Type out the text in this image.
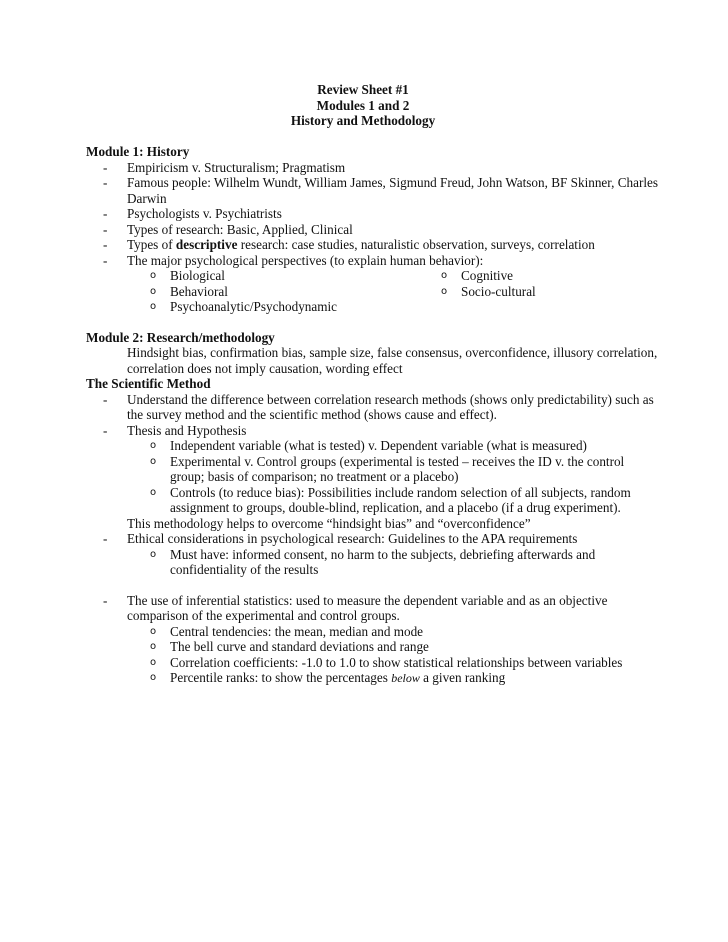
Review Sheet #1
Modules 1 and 2
History and Methodology
Module 1: History
- Empiricism v. Structuralism; Pragmatism
- Famous people: Wilhelm Wundt, William James, Sigmund Freud, John Watson, BF Skinner, Charles
Darwin
- Psychologists v. Psychiatrists
- Types of research: Basic, Applied, Clinical
- Types of descriptive research: case studies, naturalistic observation, surveys, correlation
- The major psychological perspectives (to explain human behavior):
o Biological	o Cognitive
o Behavioral	o Socio-cultural
o Psychoanalytic/Psychodynamic
Module 2: Research/methodology
Hindsight bias, confirmation bias, sample size, false consensus, overconfidence, illusory correlation,
correlation does not imply causation, wording effect
The Scientific Method
- Understand the difference between correlation research methods (shows only predictability) such as
the survey method and the scientific method (shows cause and effect).
- Thesis and Hypothesis
o Independent variable (what is tested) v. Dependent variable (what is measured)
o Experimental v. Control groups (experimental is tested – receives the ID v. the control
group; basis of comparison; no treatment or a placebo)
o Controls (to reduce bias): Possibilities include random selection of all subjects, random
assignment to groups, double-blind, replication, and a placebo (if a drug experiment).
This methodology helps to overcome “hindsight bias” and “overconfidence”
- Ethical considerations in psychological research: Guidelines to the APA requirements
o Must have: informed consent, no harm to the subjects, debriefing afterwards and
confidentiality of the results
- The use of inferential statistics: used to measure the dependent variable and as an objective
comparison of the experimental and control groups.
o Central tendencies: the mean, median and mode
o The bell curve and standard deviations and range
o Correlation coefficients: -1.0 to 1.0 to show statistical relationships between variables
o Percentile ranks: to show the percentages below a given ranking
